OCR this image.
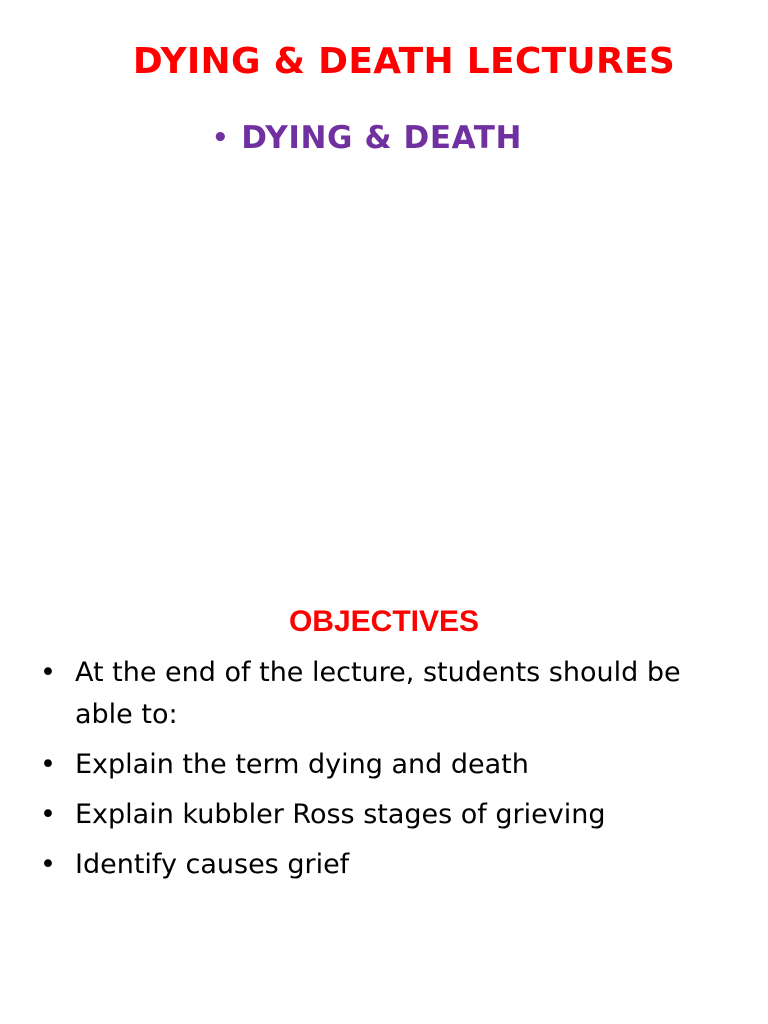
DYING & DEATH LECTURES
• DYING & DEATH
OBJECTIVES
• At the end of the lecture, students should be able to:
• Explain the term dying and death
• Explain kubbler Ross stages of grieving
• Identify causes grief
